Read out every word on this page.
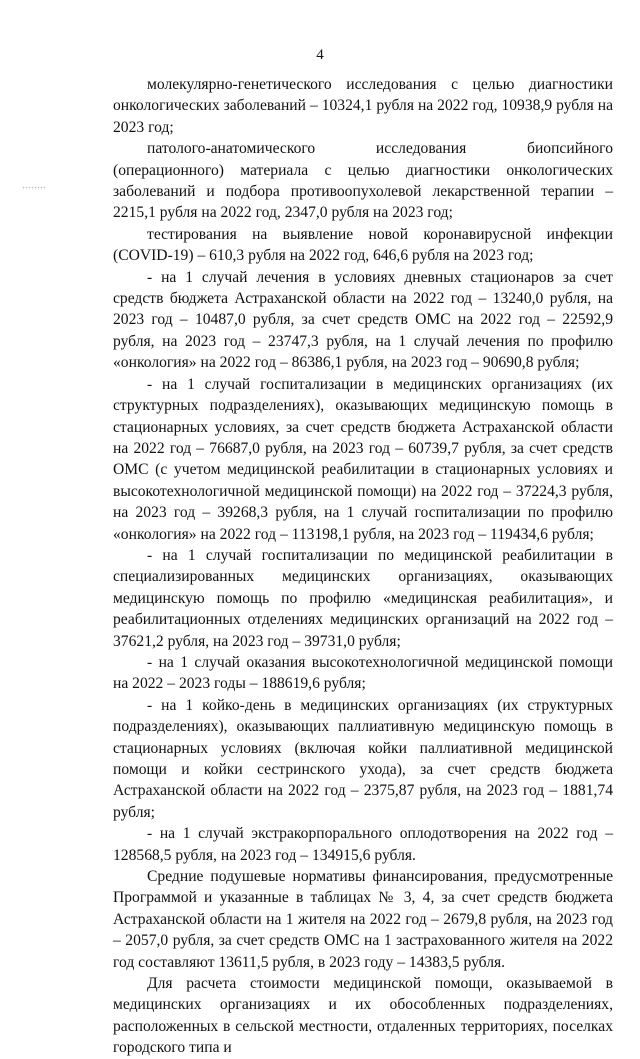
4

молекулярно-генетического исследования с целью диагностики онкологических заболеваний – 10324,1 рубля на 2022 год, 10938,9 рубля на 2023 год;

патолого-анатомического исследования биопсийного (операционного) материала с целью диагностики онкологических заболеваний и подбора противоопухолевой лекарственной терапии – 2215,1 рубля на 2022 год, 2347,0 рубля на 2023 год;

тестирования на выявление новой коронавирусной инфекции (COVID-19) – 610,3 рубля на 2022 год, 646,6 рубля на 2023 год;

- на 1 случай лечения в условиях дневных стационаров за счет средств бюджета Астраханской области на 2022 год – 13240,0 рубля, на 2023 год – 10487,0 рубля, за счет средств ОМС на 2022 год – 22592,9 рубля, на 2023 год – 23747,3 рубля, на 1 случай лечения по профилю «онкология» на 2022 год – 86386,1 рубля, на 2023 год – 90690,8 рубля;

- на 1 случай госпитализации в медицинских организациях (их структурных подразделениях), оказывающих медицинскую помощь в стационарных условиях, за счет средств бюджета Астраханской области на 2022 год – 76687,0 рубля, на 2023 год – 60739,7 рубля, за счет средств ОМС (с учетом медицинской реабилитации в стационарных условиях и высокотехнологичной медицинской помощи) на 2022 год – 37224,3 рубля, на 2023 год – 39268,3 рубля, на 1 случай госпитализации по профилю «онкология» на 2022 год – 113198,1 рубля, на 2023 год – 119434,6 рубля;

- на 1 случай госпитализации по медицинской реабилитации в специализированных медицинских организациях, оказывающих медицинскую помощь по профилю «медицинская реабилитация», и реабилитационных отделениях медицинских организаций на 2022 год – 37621,2 рубля, на 2023 год – 39731,0 рубля;

- на 1 случай оказания высокотехнологичной медицинской помощи на 2022 – 2023 годы – 188619,6 рубля;

- на 1 койко-день в медицинских организациях (их структурных подразделениях), оказывающих паллиативную медицинскую помощь в стационарных условиях (включая койки паллиативной медицинской помощи и койки сестринского ухода), за счет средств бюджета Астраханской области на 2022 год – 2375,87 рубля, на 2023 год – 1881,74 рубля;

- на 1 случай экстракорпорального оплодотворения на 2022 год – 128568,5 рубля, на 2023 год – 134915,6 рубля.

Средние подушевые нормативы финансирования, предусмотренные Программой и указанные в таблицах № 3, 4, за счет средств бюджета Астраханской области на 1 жителя на 2022 год – 2679,8 рубля, на 2023 год – 2057,0 рубля, за счет средств ОМС на 1 застрахованного жителя на 2022 год составляют 13611,5 рубля, в 2023 году – 14383,5 рубля.

Для расчета стоимости медицинской помощи, оказываемой в медицинских организациях и их обособленных подразделениях, расположенных в сельской местности, отдаленных территориях, поселках городского типа и
